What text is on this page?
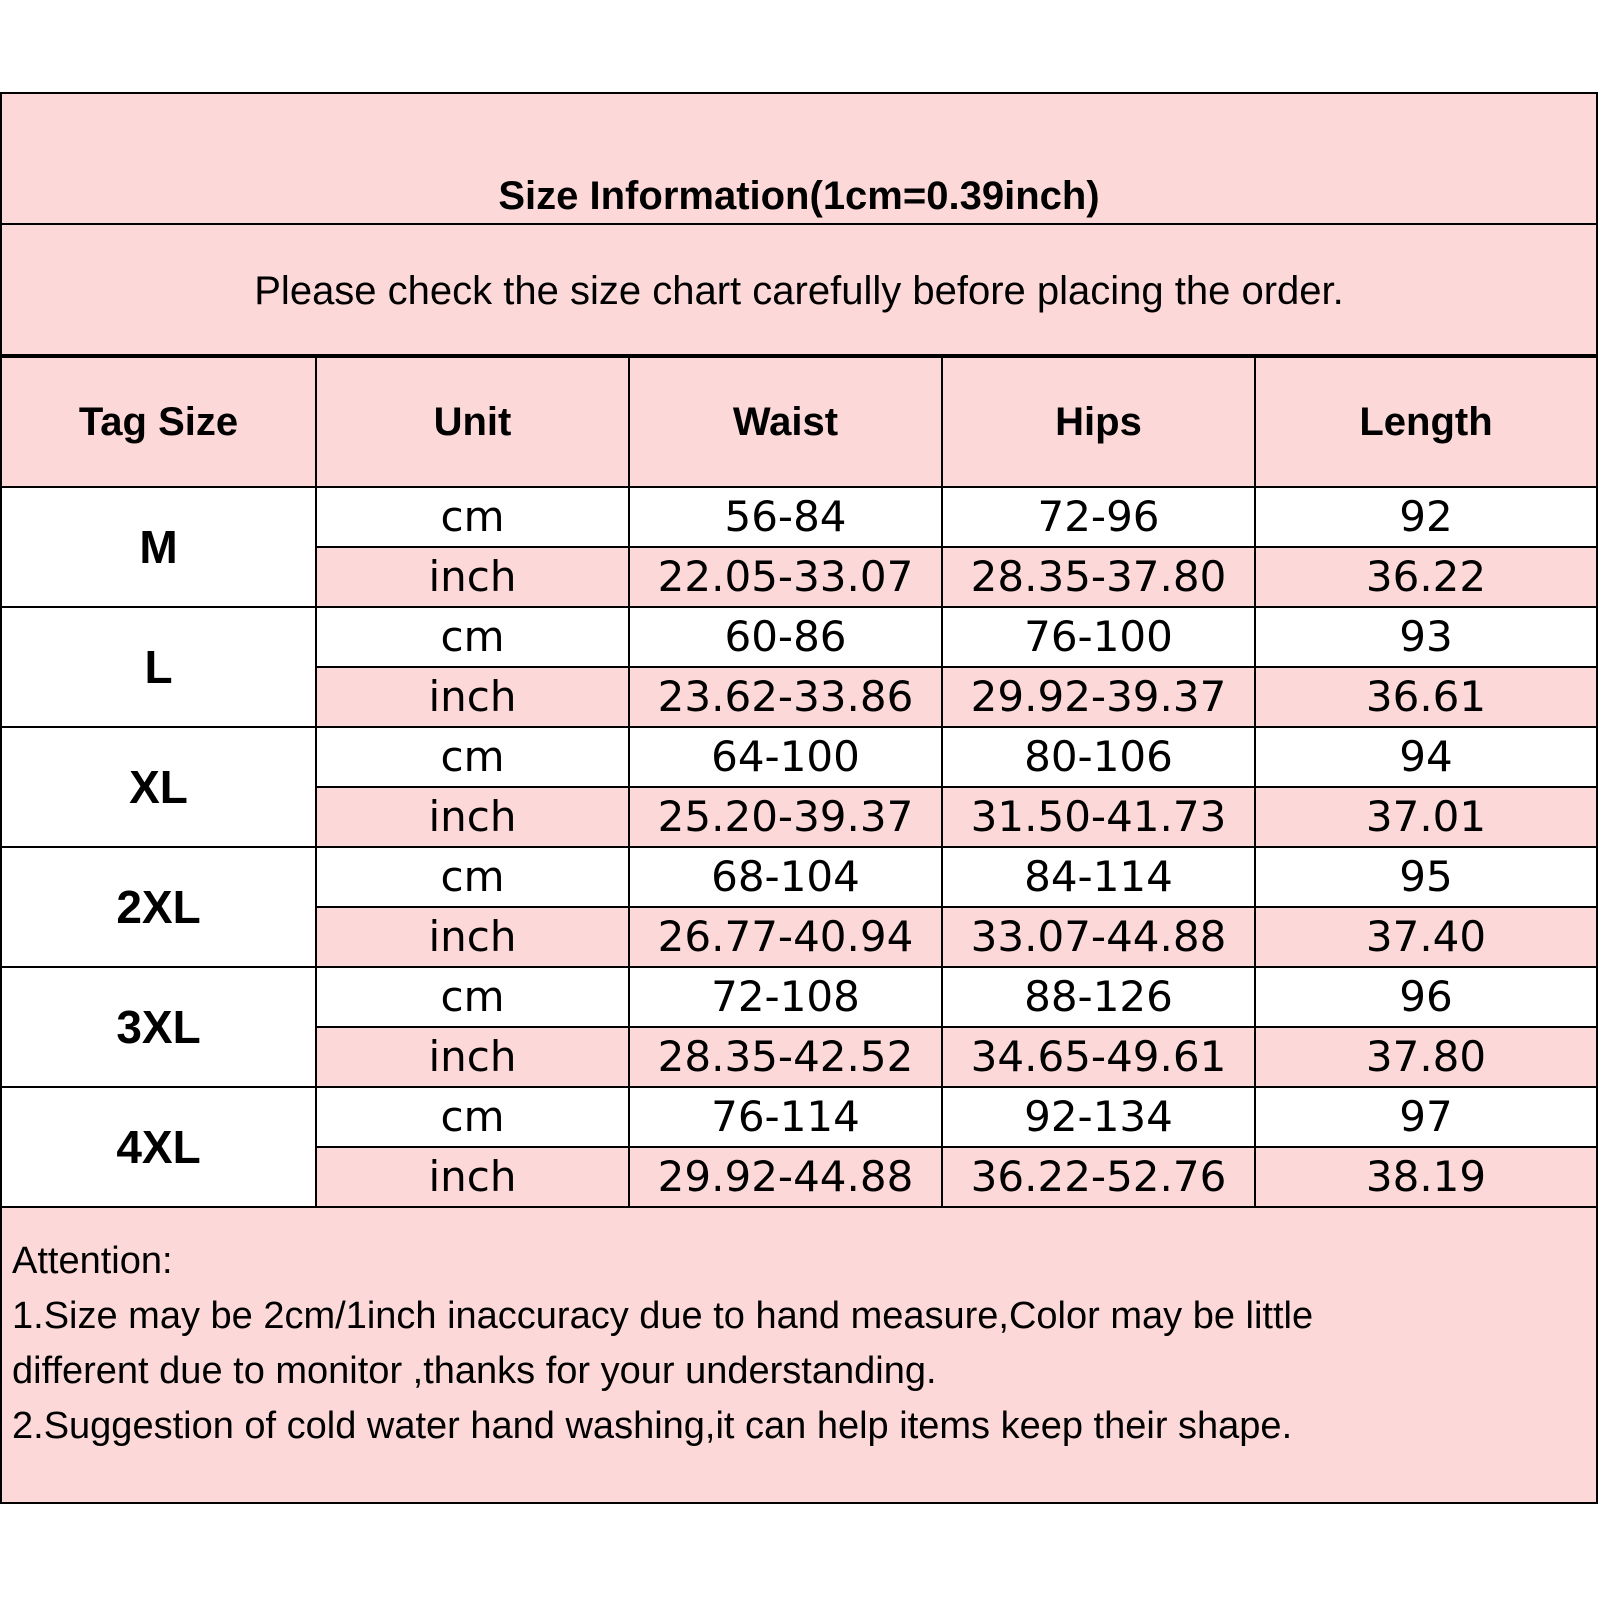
Size Information(1cm=0.39inch)
Please check the size chart carefully before placing the order.
Tag Size	Unit	Waist	Hips	Length
M	cm	56-84	72-96	92
	inch	22.05-33.07	28.35-37.80	36.22
L	cm	60-86	76-100	93
	inch	23.62-33.86	29.92-39.37	36.61
XL	cm	64-100	80-106	94
	inch	25.20-39.37	31.50-41.73	37.01
2XL	cm	68-104	84-114	95
	inch	26.77-40.94	33.07-44.88	37.40
3XL	cm	72-108	88-126	96
	inch	28.35-42.52	34.65-49.61	37.80
4XL	cm	76-114	92-134	97
	inch	29.92-44.88	36.22-52.76	38.19
Attention:
1.Size may be 2cm/1inch inaccuracy due to hand measure,Color may be little
different due to monitor ,thanks for your understanding.
2.Suggestion of cold water hand washing,it can help items keep their shape.
